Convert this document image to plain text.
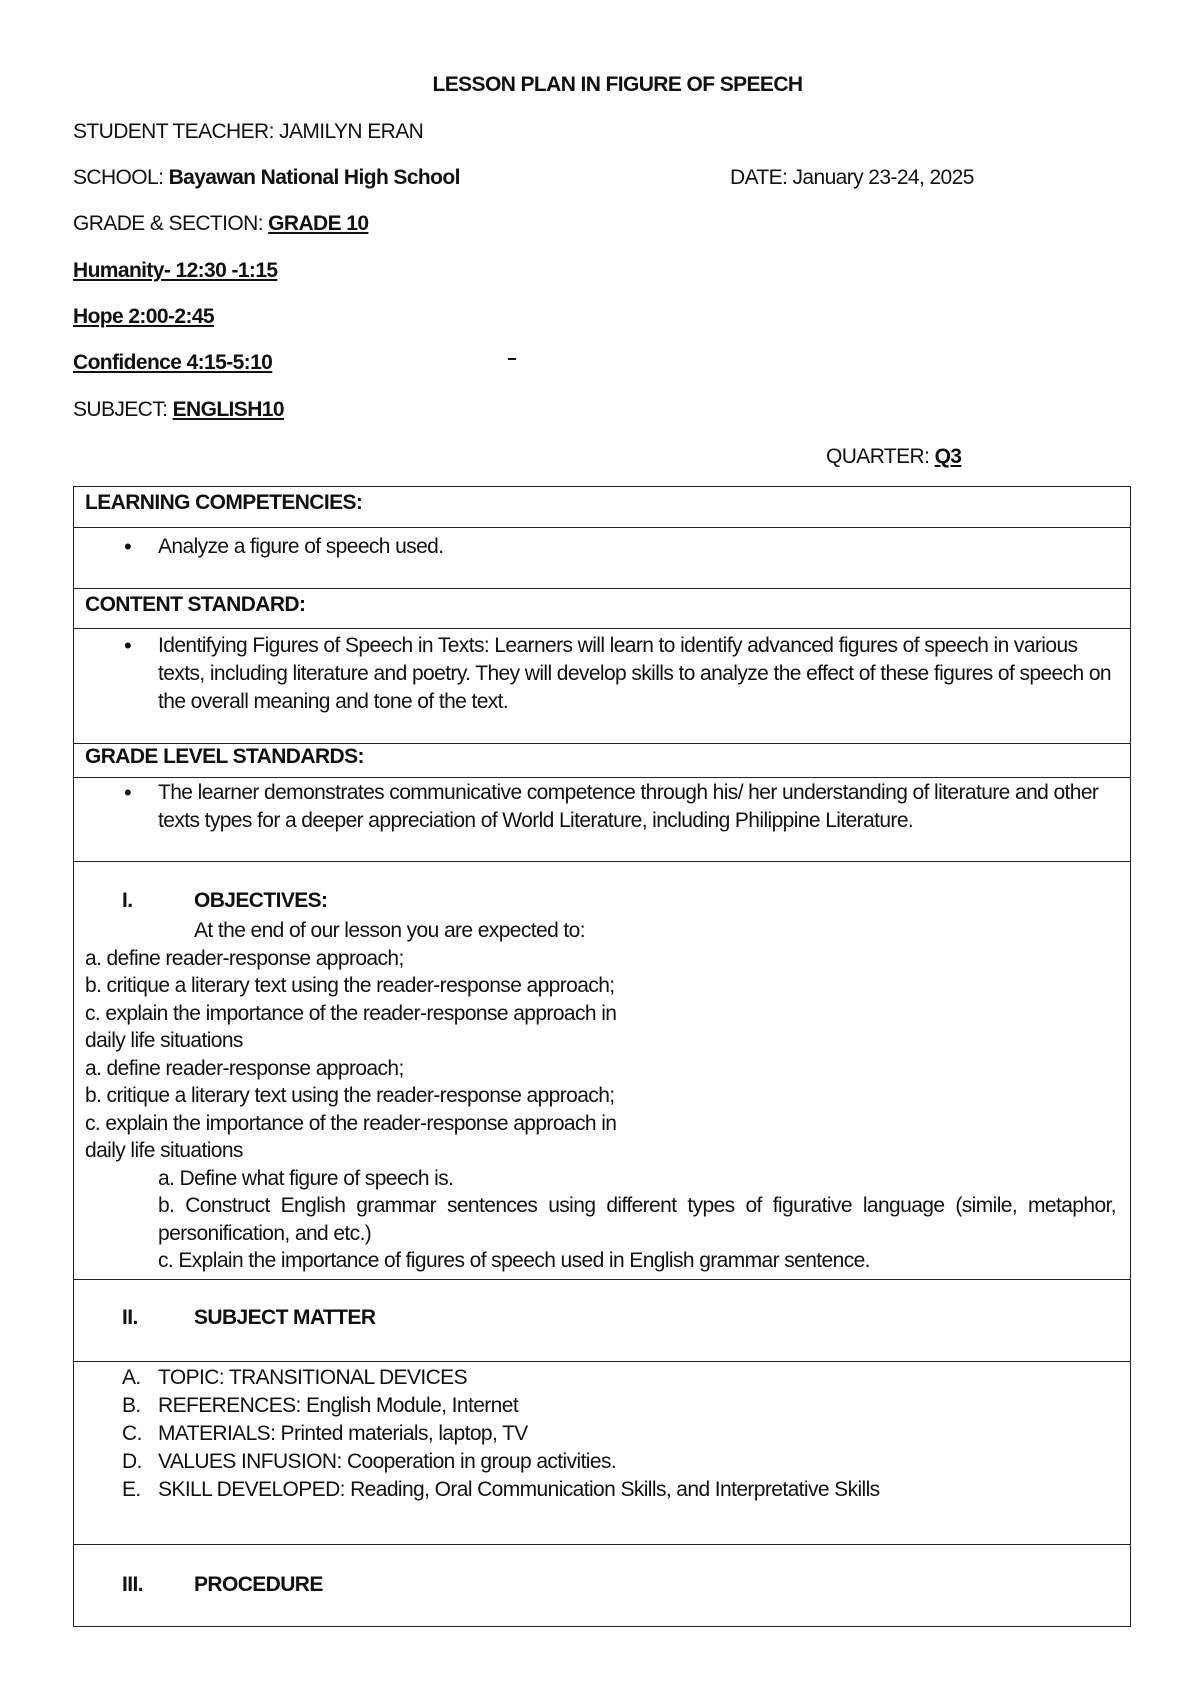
LESSON PLAN IN FIGURE OF SPEECH
STUDENT TEACHER: JAMILYN ERAN
SCHOOL: Bayawan National High School	DATE: January 23-24, 2025
GRADE & SECTION: GRADE 10
Humanity- 12:30 -1:15
Hope 2:00-2:45
Confidence 4:15-5:10
SUBJECT: ENGLISH10
QUARTER: Q3
LEARNING COMPETENCIES:
• Analyze a figure of speech used.
CONTENT STANDARD:
• Identifying Figures of Speech in Texts: Learners will learn to identify advanced figures of speech in various texts, including literature and poetry. They will develop skills to analyze the effect of these figures of speech on the overall meaning and tone of the text.
GRADE LEVEL STANDARDS:
• The learner demonstrates communicative competence through his/ her understanding of literature and other texts types for a deeper appreciation of World Literature, including Philippine Literature.
I.	OBJECTIVES:
At the end of our lesson you are expected to:
a. define reader-response approach;
b. critique a literary text using the reader-response approach;
c. explain the importance of the reader-response approach in
daily life situations
a. define reader-response approach;
b. critique a literary text using the reader-response approach;
c. explain the importance of the reader-response approach in
daily life situations
a. Define what figure of speech is.
b. Construct English grammar sentences using different types of figurative language (simile, metaphor, personification, and etc.)
c. Explain the importance of figures of speech used in English grammar sentence.
II.	SUBJECT MATTER
A. TOPIC: TRANSITIONAL DEVICES
B. REFERENCES: English Module, Internet
C. MATERIALS: Printed materials, laptop, TV
D. VALUES INFUSION: Cooperation in group activities.
E. SKILL DEVELOPED: Reading, Oral Communication Skills, and Interpretative Skills
III. PROCEDURE
